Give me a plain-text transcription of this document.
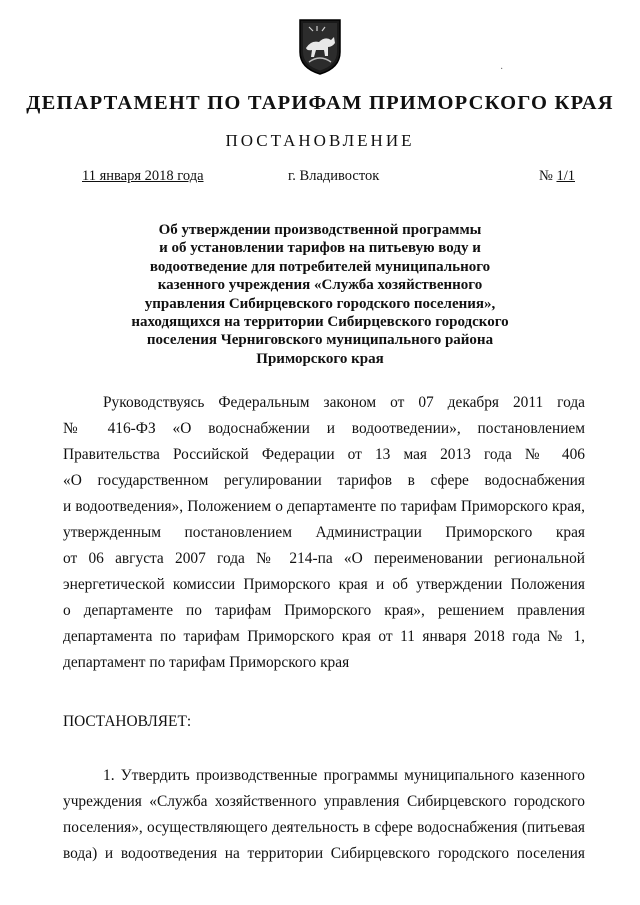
·
ДЕПАРТАМЕНТ ПО ТАРИФАМ ПРИМОРСКОГО КРАЯ
ПОСТАНОВЛЕНИЕ
11 января 2018 года	г. Владивосток	№ 1/1
Об утверждении производственной программы
и об установлении тарифов на питьевую воду и
водоотведение для потребителей муниципального
казенного учреждения «Служба хозяйственного
управления Сибирцевского городского поселения»,
находящихся на территории Сибирцевского городского
поселения Черниговского муниципального района
Приморского края
Руководствуясь Федеральным законом от 07 декабря 2011 года
№ 416-ФЗ «О водоснабжении и водоотведении», постановлением
Правительства Российской Федерации от 13 мая 2013 года № 406
«О государственном регулировании тарифов в сфере водоснабжения
и водоотведения», Положением о департаменте по тарифам Приморского края,
утвержденным постановлением Администрации Приморского края
от 06 августа 2007 года № 214-па «О переименовании региональной
энергетической комиссии Приморского края и об утверждении Положения
о департаменте по тарифам Приморского края», решением правления
департамента по тарифам Приморского края от 11 января 2018 года № 1,
департамент по тарифам Приморского края
ПОСТАНОВЛЯЕТ:
1. Утвердить производственные программы муниципального казенного
учреждения «Служба хозяйственного управления Сибирцевского городского
поселения», осуществляющего деятельность в сфере водоснабжения (питьевая
вода) и водоотведения на территории Сибирцевского городского поселения
